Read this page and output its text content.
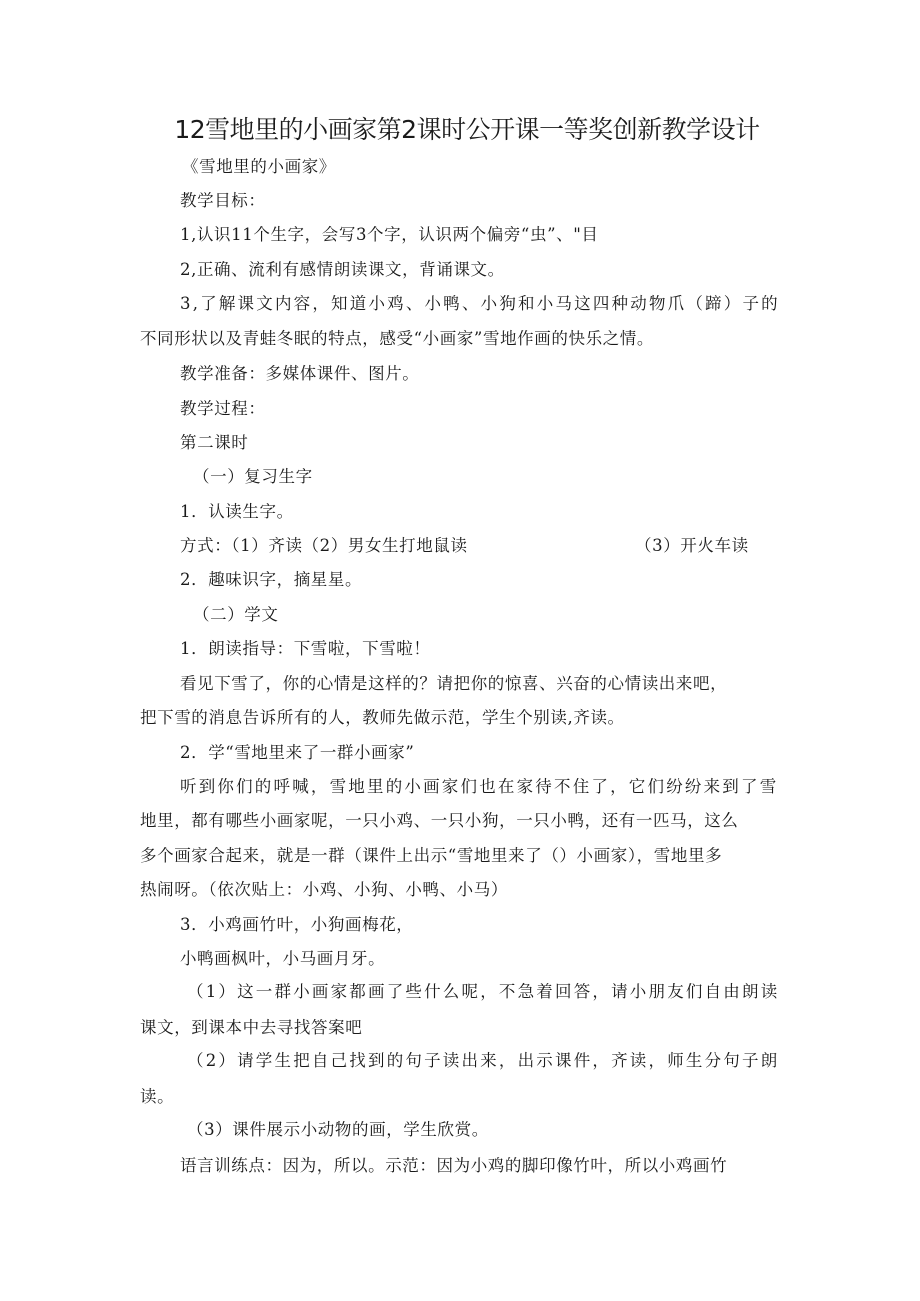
12雪地里的小画家第2课时公开课一等奖创新教学设计
《雪地里的小画家》
教学目标：
1,认识11个生字，会写3个字，认识两个偏旁“虫”、"目
2,正确、流利有感情朗读课文，背诵课文。
3,了解课文内容，知道小鸡、小鸭、小狗和小马这四种动物爪（蹄）子的
不同形状以及青蛙冬眠的特点，感受“小画家”雪地作画的快乐之情。
教学准备：多媒体课件、图片。
教学过程：
第二课时
（一）复习生字
1．认读生字。
方式：（1）齐读（2）男女生打地鼠读	（3）开火车读
2．趣味识字，摘星星。
（二）学文
1．朗读指导：下雪啦，下雪啦！
看见下雪了，你的心情是这样的？请把你的惊喜、兴奋的心情读出来吧，
把下雪的消息告诉所有的人，教师先做示范，学生个别读,齐读。
2．学“雪地里来了一群小画家”
听到你们的呼喊，雪地里的小画家们也在家待不住了，它们纷纷来到了雪
地里，都有哪些小画家呢，一只小鸡、一只小狗，一只小鸭，还有一匹马，这么
多个画家合起来，就是一群（课件上出示“雪地里来了（）小画家），雪地里多
热闹呀。（依次贴上：小鸡、小狗、小鸭、小马）
3．小鸡画竹叶，小狗画梅花，
小鸭画枫叶，小马画月牙。
（1）这一群小画家都画了些什么呢，不急着回答，请小朋友们自由朗读
课文，到课本中去寻找答案吧
（2）请学生把自己找到的句子读出来，出示课件，齐读，师生分句子朗
读。
（3）课件展示小动物的画，学生欣赏。
语言训练点：因为，所以。示范：因为小鸡的脚印像竹叶，所以小鸡画竹
